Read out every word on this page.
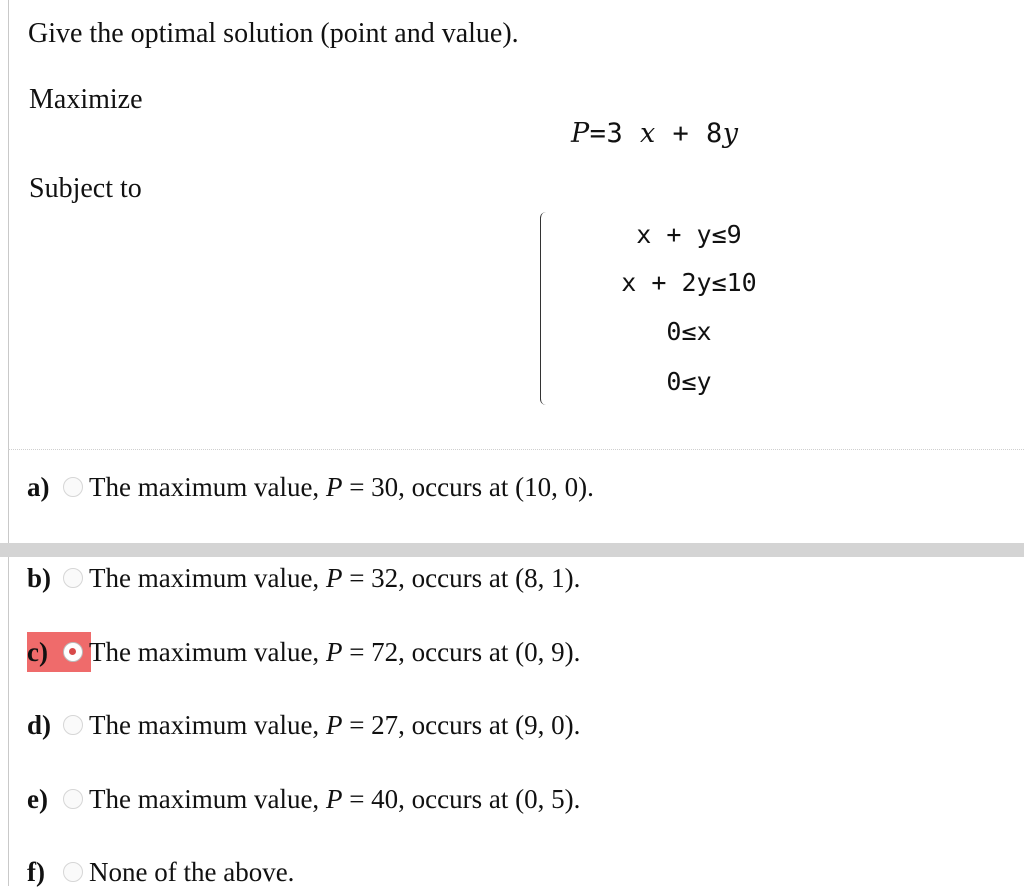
Give the optimal solution (point and value).
Maximize
P=3 x + 8y
Subject to
x + y≤9
x + 2y≤10
0≤x
0≤y
a)	The maximum value, P = 30, occurs at (10, 0).
b)	The maximum value, P = 32, occurs at (8, 1).
c)	The maximum value, P = 72, occurs at (0, 9).
d)	The maximum value, P = 27, occurs at (9, 0).
e)	The maximum value, P = 40, occurs at (0, 5).
f)	None of the above.
